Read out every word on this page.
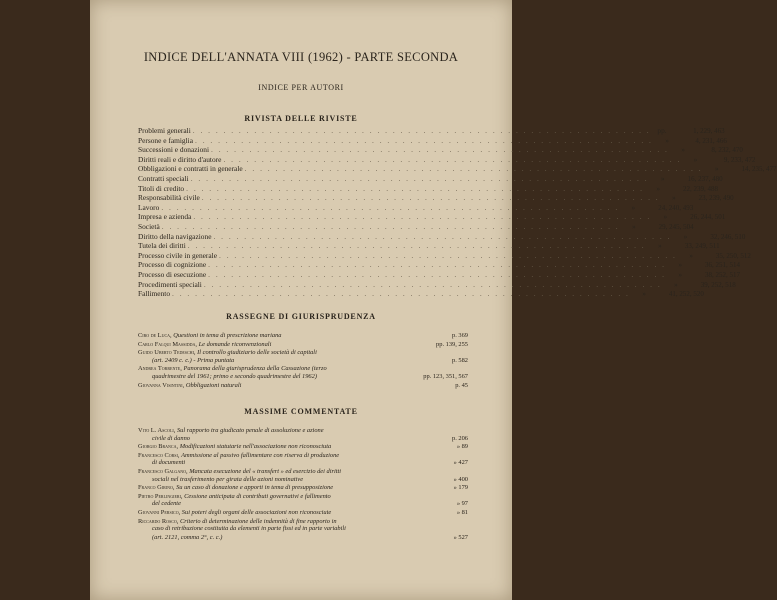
INDICE DELL'ANNATA VIII (1962) - PARTE SECONDA
INDICE PER AUTORI
RIVISTA DELLE RIVISTE
Problemi generali . . . . . . . . . . . . . . . . . . . . . . . . . . . . . . . . . . . . . . . . . . . . . . . . . . . . . . . . . . . . pp.	1, 229, 463
Persone e famiglia . . . . . . . . . . . . . . . . . . . . . . . . . . . . . . . . . . . . . . . . . . . . . . . . . . . . . . . . . . . .	»	4, 231, 466
Successioni e donazioni . . . . . . . . . . . . . . . . . . . . . . . . . . . . . . . . . . . . . . . . . . . . . . . . . . . . . . . . . . . .	»	8, 232, 470
Diritti reali e diritto d'autore . . . . . . . . . . . . . . . . . . . . . . . . . . . . . . . . . . . . . . . . . . . . . . . . . . . . . . . . . . . .	»	9, 233, 472
Obbligazioni e contratti in generale . . . . . . . . . . . . . . . . . . . . . . . . . . . . . . . . . . . . . . . . . . . . . . . . . . . . . . . . . . . .	»	14, 235, 477
Contratti speciali . . . . . . . . . . . . . . . . . . . . . . . . . . . . . . . . . . . . . . . . . . . . . . . . . . . . . . . . . . . .	»	16, 237, 480
Titoli di credito . . . . . . . . . . . . . . . . . . . . . . . . . . . . . . . . . . . . . . . . . . . . . . . . . . . . . . . . . . . .	»	22, 239, 488
Responsabilità civile . . . . . . . . . . . . . . . . . . . . . . . . . . . . . . . . . . . . . . . . . . . . . . . . . . . . . . . . . . . .	»	23, 239, 490
Lavoro . . . . . . . . . . . . . . . . . . . . . . . . . . . . . . . . . . . . . . . . . . . . . . . . . . . . . . . . . . . .	»	24, 240, 493
Impresa e azienda . . . . . . . . . . . . . . . . . . . . . . . . . . . . . . . . . . . . . . . . . . . . . . . . . . . . . . . . . . . .	»	26, 244, 501
Società . . . . . . . . . . . . . . . . . . . . . . . . . . . . . . . . . . . . . . . . . . . . . . . . . . . . . . . . . . . .	»	29, 245, 504
Diritto della navigazione . . . . . . . . . . . . . . . . . . . . . . . . . . . . . . . . . . . . . . . . . . . . . . . . . . . . . . . . . . . .	»	32, 246, 510
Tutela dei diritti . . . . . . . . . . . . . . . . . . . . . . . . . . . . . . . . . . . . . . . . . . . . . . . . . . . . . . . . . . . .	»	33, 249, 511
Processo civile in generale . . . . . . . . . . . . . . . . . . . . . . . . . . . . . . . . . . . . . . . . . . . . . . . . . . . . . . . . . . . .	»	35, 250, 512
Processo di cognizione . . . . . . . . . . . . . . . . . . . . . . . . . . . . . . . . . . . . . . . . . . . . . . . . . . . . . . . . . . . .	»	36, 251, 514
Processo di esecuzione . . . . . . . . . . . . . . . . . . . . . . . . . . . . . . . . . . . . . . . . . . . . . . . . . . . . . . . . . . . .	»	38, 252, 517
Procedimenti speciali . . . . . . . . . . . . . . . . . . . . . . . . . . . . . . . . . . . . . . . . . . . . . . . . . . . . . . . . . . . .	»	39, 252, 518
Fallimento . . . . . . . . . . . . . . . . . . . . . . . . . . . . . . . . . . . . . . . . . . . . . . . . . . . . . . . . . . . .	»	41, 252, 520
RASSEGNE DI GIURISPRUDENZA
Ciro de Luca, Questioni in tema di prescrizione mariana	p. 369
Carlo Falqui Massidda, Le domande riconvenzionali	pp. 139, 255
Guido Uberto Tedeschi, Il controllo giudiziario delle società di capitali
(art. 2409 c. c.) - Prima puntata	p. 582
Andrea Torrente, Panorama della giurisprudenza della Cassazione (terzo
quadrimestre del 1961; primo e secondo quadrimestre del 1962)	pp. 123, 351, 567
Giovanna Visintini, Obbligazioni naturali	p. 45
MASSIME COMMENTATE
Vito L. Ascoli, Sul rapporto tra giudicato penale di assoluzione e azione
civile di danno	p. 206
Giorgio Branca, Modificazioni statutarie nell'associazione non riconosciuta	» 89
Francesco Corsi, Ammissione al passivo fallimentare con riserva di produzione
di documenti	» 427
Francesco Galgano, Mancata esecuzione del « transfert » ed esercizio dei diritti
sociali nel trasferimento per girata delle azioni nominative	» 400
Franco Girino, Su un caso di donazione e apporti in tema di presupposizione	» 179
Pietro Perlingieri, Cessione anticipata di contributi governativi e fallimento
del cedente	» 97
Giovanni Persico, Sui poteri degli organi delle associazioni non riconosciute	» 81
Riccardo Rosco, Criterio di determinazione delle indennità di fine rapporto in
caso di retribuzione costituita da elementi in parte fissi ed in parte variabili
(art. 2121, comma 2°, c. c.)	» 527
